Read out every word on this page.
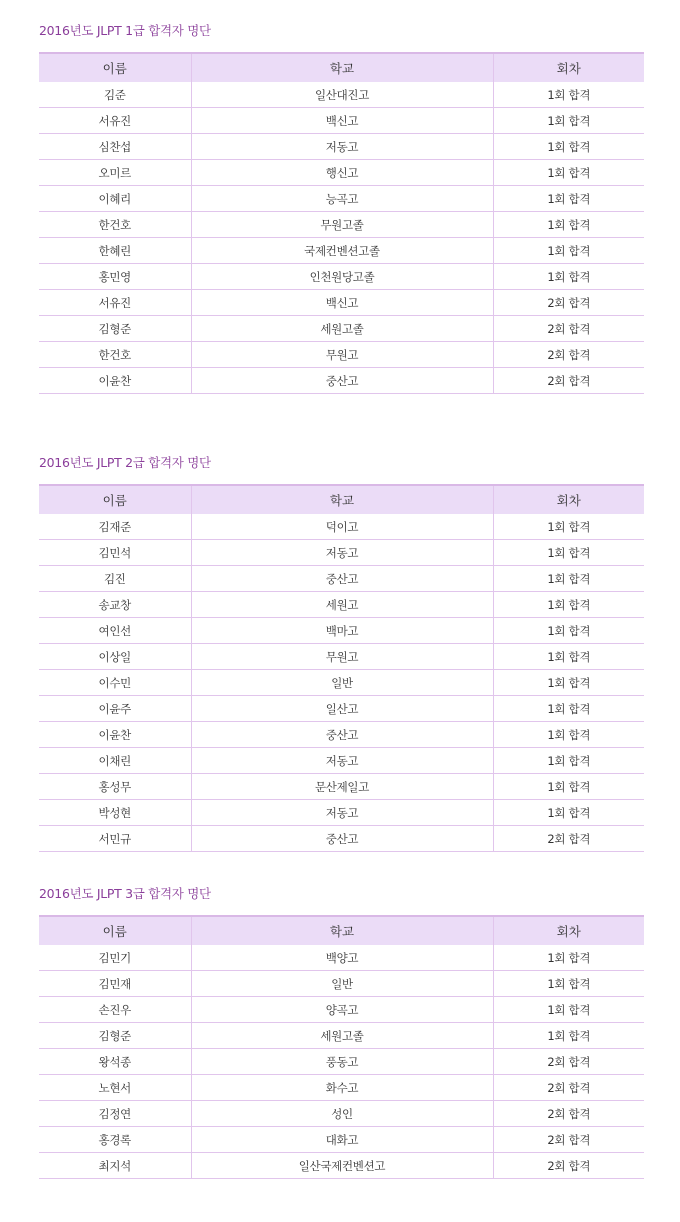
2016년도 JLPT 1급 합격자 명단
이름	학교	회차
김준	일산대진고	1회 합격
서유진	백신고	1회 합격
심찬섭	저동고	1회 합격
오미르	행신고	1회 합격
이혜리	능곡고	1회 합격
한건호	무원고졸	1회 합격
한혜린	국제컨벤션고졸	1회 합격
홍민영	인천원당고졸	1회 합격
서유진	백신고	2회 합격
김형준	세원고졸	2회 합격
한건호	무원고	2회 합격
이윤찬	중산고	2회 합격
2016년도 JLPT 2급 합격자 명단
이름	학교	회차
김재준	덕이고	1회 합격
김민석	저동고	1회 합격
김진	중산고	1회 합격
송교창	세원고	1회 합격
여인선	백마고	1회 합격
이상일	무원고	1회 합격
이수민	일반	1회 합격
이윤주	일산고	1회 합격
이윤찬	중산고	1회 합격
이채린	저동고	1회 합격
홍성무	문산제일고	1회 합격
박성현	저동고	1회 합격
서민규	중산고	2회 합격
2016년도 JLPT 3급 합격자 명단
이름	학교	회차
김민기	백양고	1회 합격
김민재	일반	1회 합격
손진우	양곡고	1회 합격
김형준	세원고졸	1회 합격
왕석종	풍동고	2회 합격
노현서	화수고	2회 합격
김정연	성인	2회 합격
홍경록	대화고	2회 합격
최지석	일산국제컨벤션고	2회 합격
